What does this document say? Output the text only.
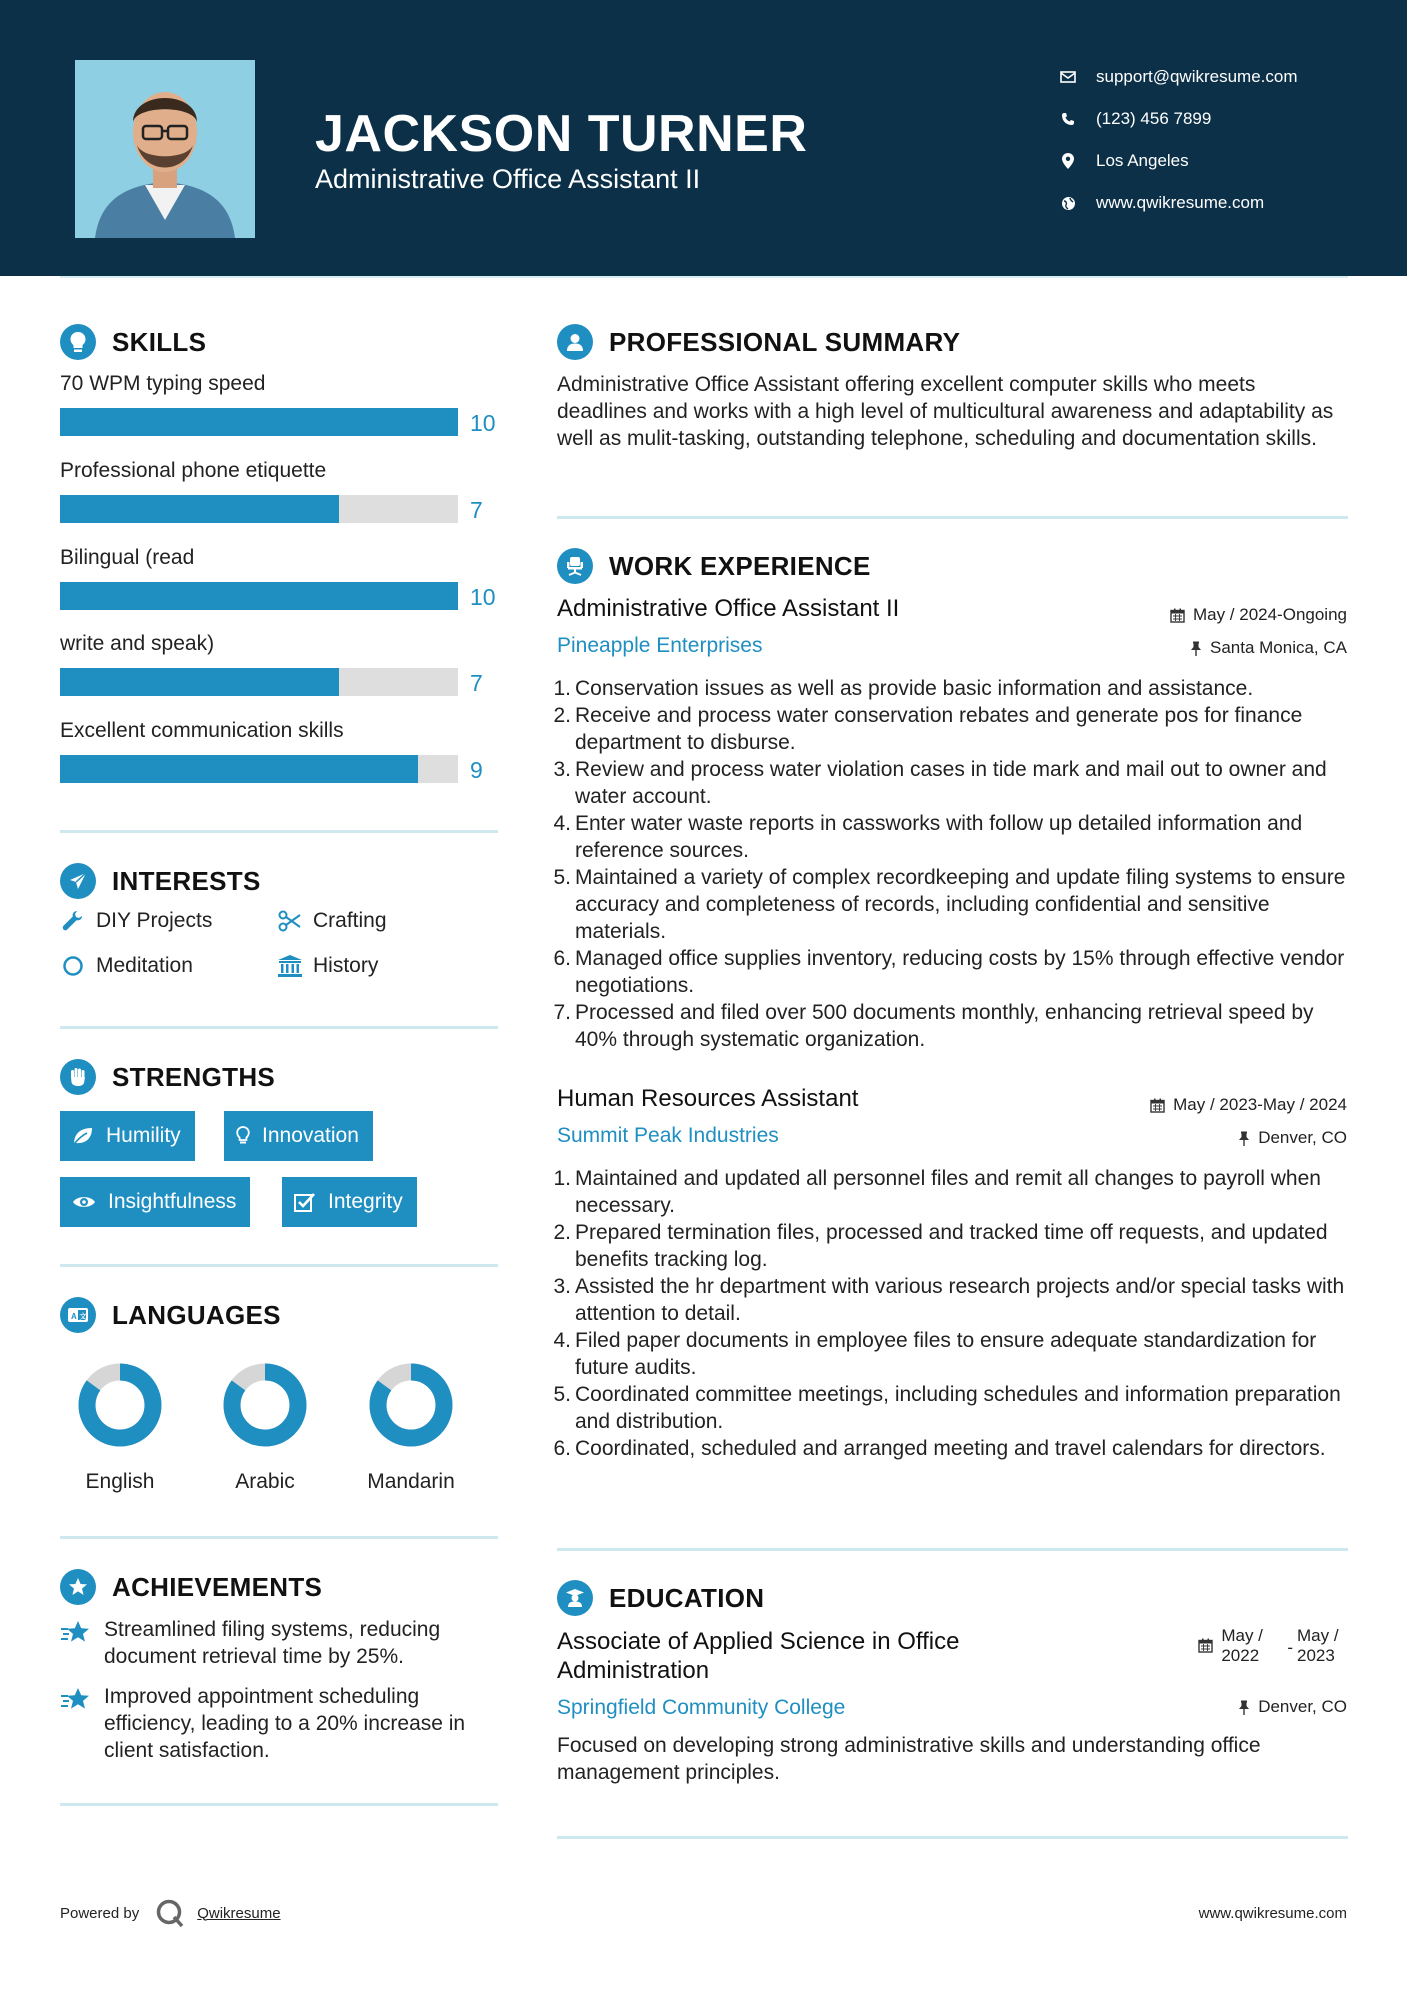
JACKSON TURNER
Administrative Office Assistant II
support@qwikresume.com
(123) 456 7899
Los Angeles
www.qwikresume.com
SKILLS
70 WPM typing speed
10
Professional phone etiquette
7
Bilingual (read
10
write and speak)
7
Excellent communication skills
9
INTERESTS
DIY Projects	Crafting
Meditation	History
STRENGTHS
Humility	Innovation
Insightfulness	Integrity
A 文 LANGUAGES
English	Arabic	Mandarin
ACHIEVEMENTS
Streamlined filing systems, reducing document retrieval time by 25%.
Improved appointment scheduling efficiency, leading to a 20% increase in client satisfaction.
PROFESSIONAL SUMMARY
Administrative Office Assistant offering excellent computer skills who meets deadlines and works with a high level of multicultural awareness and adaptability as well as mulit-tasking, outstanding telephone, scheduling and documentation skills.
WORK EXPERIENCE
Administrative Office Assistant II	May / 2024-Ongoing
Pineapple Enterprises	Santa Monica, CA
1. Conservation issues as well as provide basic information and assistance.
2. Receive and process water conservation rebates and generate pos for finance department to disburse.
3. Review and process water violation cases in tide mark and mail out to owner and water account.
4. Enter water waste reports in cassworks with follow up detailed information and reference sources.
5. Maintained a variety of complex recordkeeping and update filing systems to ensure accuracy and completeness of records, including confidential and sensitive materials.
6. Managed office supplies inventory, reducing costs by 15% through effective vendor negotiations.
7. Processed and filed over 500 documents monthly, enhancing retrieval speed by 40% through systematic organization.
Human Resources Assistant	May / 2023-May / 2024
Summit Peak Industries	Denver, CO
1. Maintained and updated all personnel files and remit all changes to payroll when necessary.
2. Prepared termination files, processed and tracked time off requests, and updated benefits tracking log.
3. Assisted the hr department with various research projects and/or special tasks with attention to detail.
4. Filed paper documents in employee files to ensure adequate standardization for future audits.
5. Coordinated committee meetings, including schedules and information preparation and distribution.
6. Coordinated, scheduled and arranged meeting and travel calendars for directors.
EDUCATION
Associate of Applied Science in Office Administration
May / 2022	-
May / 2023
Springfield Community College	Denver, CO
Focused on developing strong administrative skills and understanding office management principles.
Powered by	Qwikresume	www.qwikresume.com
